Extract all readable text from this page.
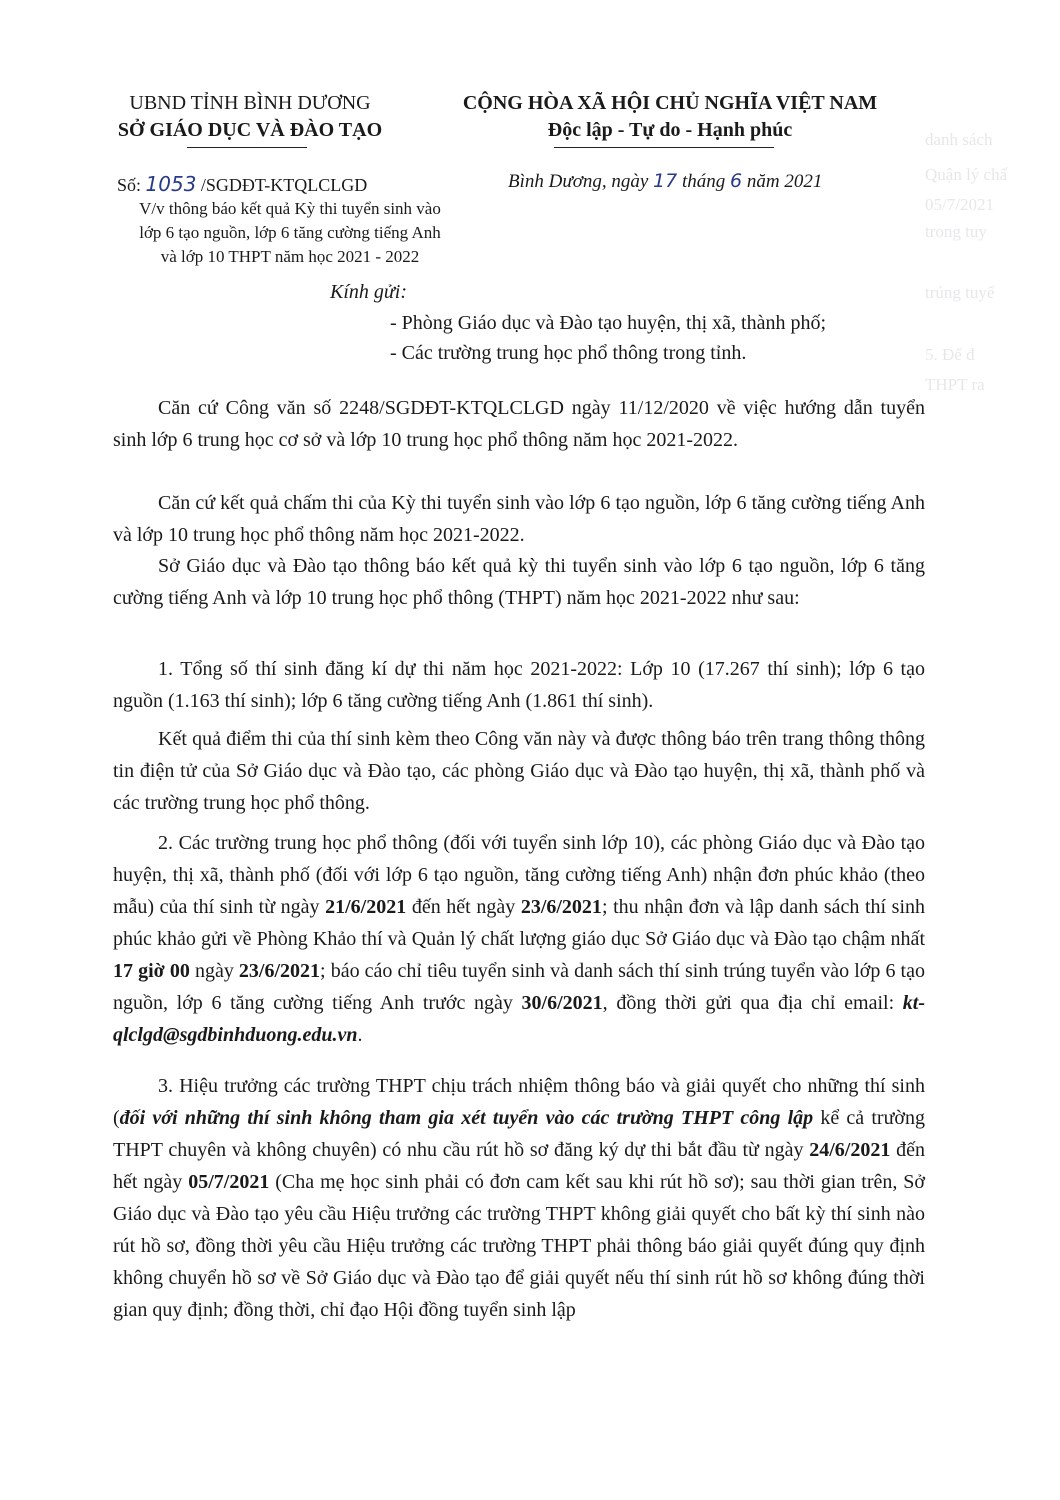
danh sách
Quận lý chấ
05/7/2021
trong tuy
trúng tuyể
5. Để đ
THPT ra
UBND TỈNH BÌNH DƯƠNG
SỞ GIÁO DỤC VÀ ĐÀO TẠO
CỘNG HÒA XÃ HỘI CHỦ NGHĨA VIỆT NAM
Độc lập - Tự do - Hạnh phúc
Số: 1053 /SGDĐT-KTQLCLGD	Bình Dương, ngày 17 tháng 6 năm 2021
V/v thông báo kết quả Kỳ thi tuyển sinh vào
lớp 6 tạo nguồn, lớp 6 tăng cường tiếng Anh
và lớp 10 THPT năm học 2021 - 2022
Kính gửi:
- Phòng Giáo dục và Đào tạo huyện, thị xã, thành phố;
- Các trường trung học phổ thông trong tỉnh.
Căn cứ Công văn số 2248/SGDĐT-KTQLCLGD ngày 11/12/2020 về việc hướng dẫn tuyển sinh lớp 6 trung học cơ sở và lớp 10 trung học phổ thông năm học 2021-2022.
Căn cứ kết quả chấm thi của Kỳ thi tuyển sinh vào lớp 6 tạo nguồn, lớp 6 tăng cường tiếng Anh và lớp 10 trung học phổ thông năm học 2021-2022.
Sở Giáo dục và Đào tạo thông báo kết quả kỳ thi tuyển sinh vào lớp 6 tạo nguồn, lớp 6 tăng cường tiếng Anh và lớp 10 trung học phổ thông (THPT) năm học 2021-2022 như sau:
1. Tổng số thí sinh đăng kí dự thi năm học 2021-2022: Lớp 10 (17.267 thí sinh); lớp 6 tạo nguồn (1.163 thí sinh); lớp 6 tăng cường tiếng Anh (1.861 thí sinh).
Kết quả điểm thi của thí sinh kèm theo Công văn này và được thông báo trên trang thông thông tin điện tử của Sở Giáo dục và Đào tạo, các phòng Giáo dục và Đào tạo huyện, thị xã, thành phố và các trường trung học phổ thông.
2. Các trường trung học phổ thông (đối với tuyển sinh lớp 10), các phòng Giáo dục và Đào tạo huyện, thị xã, thành phố (đối với lớp 6 tạo nguồn, tăng cường tiếng Anh) nhận đơn phúc khảo (theo mẫu) của thí sinh từ ngày 21/6/2021 đến hết ngày 23/6/2021; thu nhận đơn và lập danh sách thí sinh phúc khảo gửi về Phòng Khảo thí và Quản lý chất lượng giáo dục Sở Giáo dục và Đào tạo chậm nhất 17 giờ 00 ngày 23/6/2021; báo cáo chỉ tiêu tuyển sinh và danh sách thí sinh trúng tuyển vào lớp 6 tạo nguồn, lớp 6 tăng cường tiếng Anh trước ngày 30/6/2021, đồng thời gửi qua địa chỉ email: kt-qlclgd@sgdbinhduong.edu.vn.
3. Hiệu trưởng các trường THPT chịu trách nhiệm thông báo và giải quyết cho những thí sinh (đối với những thí sinh không tham gia xét tuyển vào các trường THPT công lập kể cả trường THPT chuyên và không chuyên) có nhu cầu rút hồ sơ đăng ký dự thi bắt đầu từ ngày 24/6/2021 đến hết ngày 05/7/2021 (Cha mẹ học sinh phải có đơn cam kết sau khi rút hồ sơ); sau thời gian trên, Sở Giáo dục và Đào tạo yêu cầu Hiệu trưởng các trường THPT không giải quyết cho bất kỳ thí sinh nào rút hồ sơ, đồng thời yêu cầu Hiệu trưởng các trường THPT phải thông báo giải quyết đúng quy định không chuyển hồ sơ về Sở Giáo dục và Đào tạo để giải quyết nếu thí sinh rút hồ sơ không đúng thời gian quy định; đồng thời, chỉ đạo Hội đồng tuyển sinh lập
